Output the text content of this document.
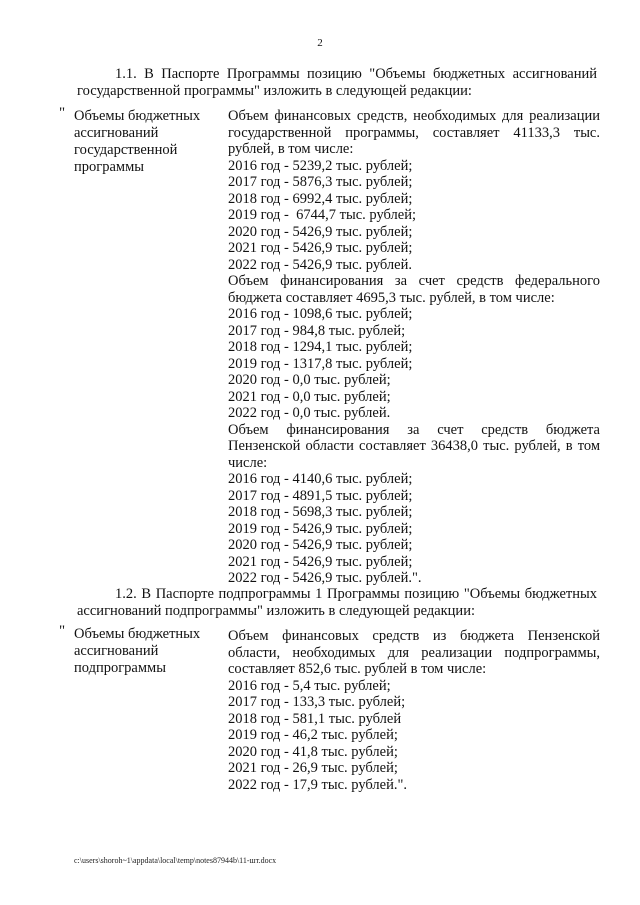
2
1.1. В Паспорте Программы позицию "Объемы бюджетных ассигнований государственной программы" изложить в следующей редакции:
" Объемы бюджетных ассигнований государственной программы
Объем финансовых средств, необходимых для реализации государственной программы, составляет 41133,3 тыс. рублей, в том числе:
2016 год - 5239,2 тыс. рублей;
2017 год - 5876,3 тыс. рублей;
2018 год - 6992,4 тыс. рублей;
2019 год -  6744,7 тыс. рублей;
2020 год - 5426,9 тыс. рублей;
2021 год - 5426,9 тыс. рублей;
2022 год - 5426,9 тыс. рублей.
Объем финансирования за счет средств федерального бюджета составляет 4695,3 тыс. рублей, в том числе:
2016 год - 1098,6 тыс. рублей;
2017 год - 984,8 тыс. рублей;
2018 год - 1294,1 тыс. рублей;
2019 год - 1317,8 тыс. рублей;
2020 год - 0,0 тыс. рублей;
2021 год - 0,0 тыс. рублей;
2022 год - 0,0 тыс. рублей.
Объем финансирования за счет средств бюджета Пензенской области составляет 36438,0 тыс. рублей, в том числе:
2016 год - 4140,6 тыс. рублей;
2017 год - 4891,5 тыс. рублей;
2018 год - 5698,3 тыс. рублей;
2019 год - 5426,9 тыс. рублей;
2020 год - 5426,9 тыс. рублей;
2021 год - 5426,9 тыс. рублей;
2022 год - 5426,9 тыс. рублей.".
1.2. В Паспорте подпрограммы 1 Программы позицию "Объемы бюджетных ассигнований подпрограммы" изложить в следующей редакции:
" Объемы бюджетных ассигнований подпрограммы
Объем финансовых средств из бюджета Пензенской области, необходимых для реализации подпрограммы, составляет 852,6 тыс. рублей в том числе:
2016 год - 5,4 тыс. рублей;
2017 год - 133,3 тыс. рублей;
2018 год - 581,1 тыс. рублей
2019 год - 46,2 тыс. рублей;
2020 год - 41,8 тыс. рублей;
2021 год - 26,9 тыс. рублей;
2022 год - 17,9 тыс. рублей.".
c:\users\shoroh~1\appdata\local\temp\notes87944b\11-шт.docx
